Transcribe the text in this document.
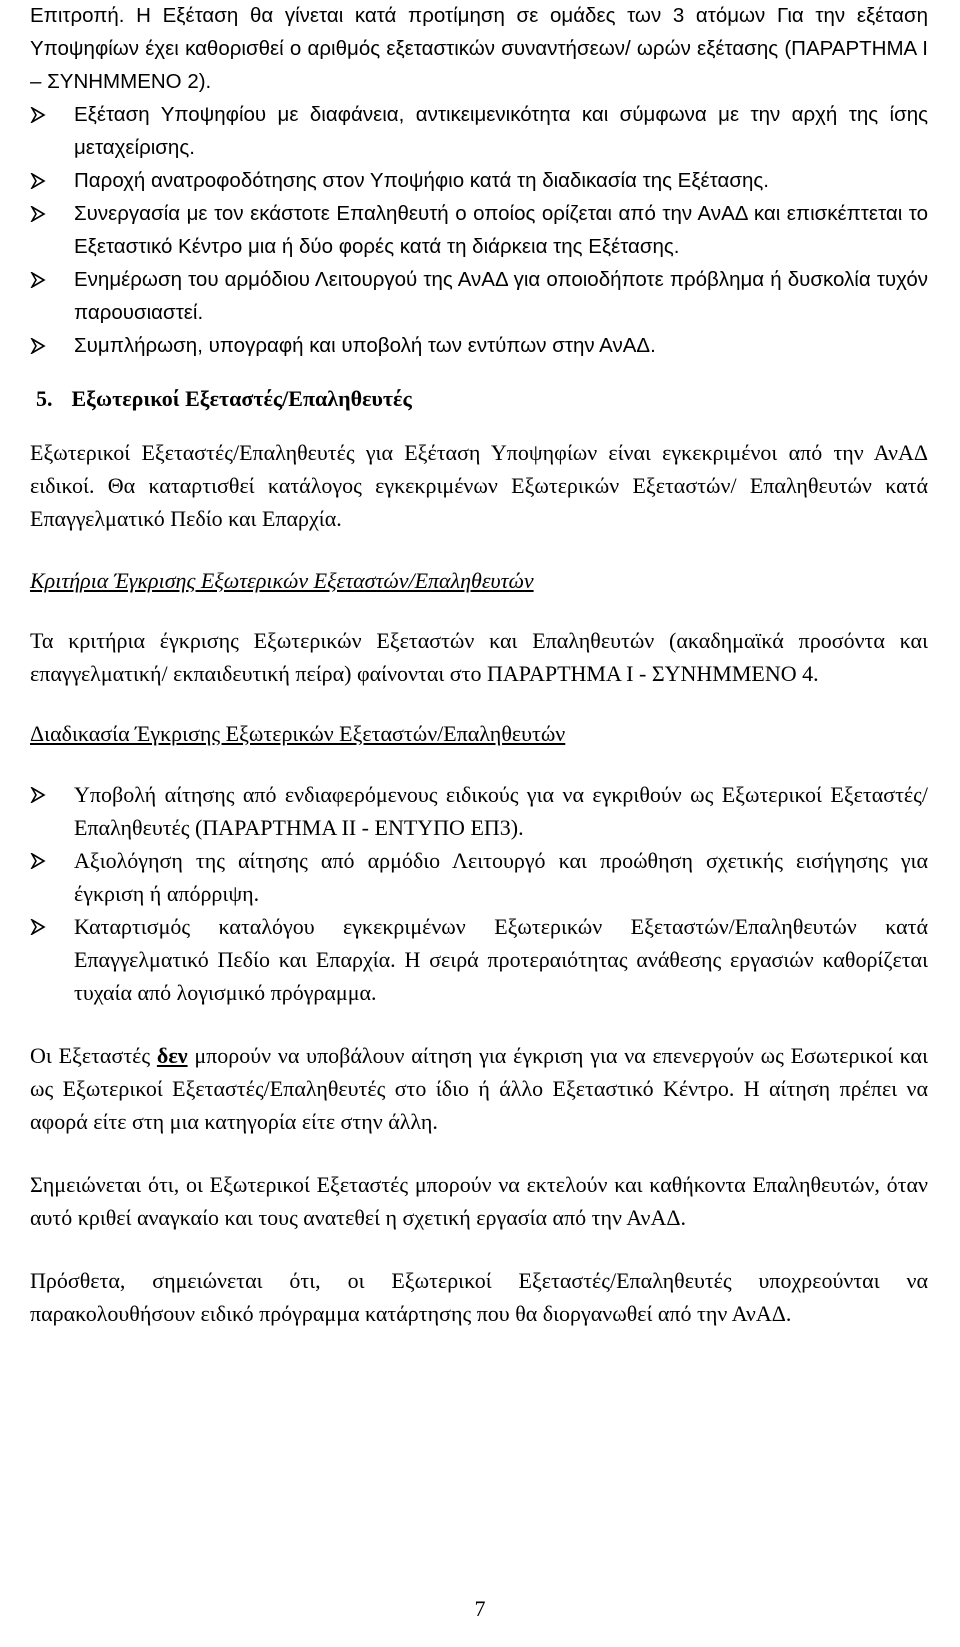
Επιτροπή. Η Εξέταση θα γίνεται κατά προτίμηση σε ομάδες των 3 ατόμων Για την εξέταση Υποψηφίων έχει καθορισθεί ο αριθμός εξεταστικών συναντήσεων/ ωρών εξέτασης (ΠΑΡΑΡΤΗΜΑ Ι – ΣΥΝΗΜΜΕΝΟ 2).

Εξέταση Υποψηφίου με διαφάνεια, αντικειμενικότητα και σύμφωνα με την αρχή της ίσης μεταχείρισης.
Παροχή ανατροφοδότησης στον Υποψήφιο κατά τη διαδικασία της Εξέτασης.
Συνεργασία με τον εκάστοτε Επαληθευτή ο οποίος ορίζεται από την ΑνΑΔ και επισκέπτεται το Εξεταστικό Κέντρο μια ή δύο φορές κατά τη διάρκεια της Εξέτασης.
Ενημέρωση του αρμόδιου Λειτουργού της ΑνΑΔ για οποιοδήποτε πρόβλημα ή δυσκολία τυχόν παρουσιαστεί.
Συμπλήρωση, υπογραφή και υποβολή των εντύπων στην ΑνΑΔ.
5. Εξωτερικοί Εξεταστές/Επαληθευτές

Εξωτερικοί Εξεταστές/Επαληθευτές για Εξέταση Υποψηφίων είναι εγκεκριμένοι από την ΑνΑΔ ειδικοί. Θα καταρτισθεί κατάλογος εγκεκριμένων Εξωτερικών Εξεταστών/ Επαληθευτών κατά Επαγγελματικό Πεδίο και Επαρχία.

Κριτήρια Έγκρισης Εξωτερικών Εξεταστών/Επαληθευτών

Τα κριτήρια έγκρισης Εξωτερικών Εξεταστών και Επαληθευτών (ακαδημαϊκά προσόντα και επαγγελματική/ εκπαιδευτική πείρα) φαίνονται στο ΠΑΡΑΡΤΗΜΑ Ι - ΣΥΝΗΜΜΕΝΟ 4.

Διαδικασία Έγκρισης Εξωτερικών Εξεταστών/Επαληθευτών

Υποβολή αίτησης από ενδιαφερόμενους ειδικούς για να εγκριθούν ως Εξωτερικοί Εξεταστές/Επαληθευτές (ΠΑΡΑΡΤΗΜΑ ΙΙ - ΕΝΤΥΠΟ ΕΠ3).
Αξιολόγηση της αίτησης από αρμόδιο Λειτουργό και προώθηση σχετικής εισήγησης για έγκριση ή απόρριψη.
Καταρτισμός καταλόγου εγκεκριμένων Εξωτερικών Εξεταστών/Επαληθευτών κατά Επαγγελματικό Πεδίο και Επαρχία. Η σειρά προτεραιότητας ανάθεσης εργασιών καθορίζεται τυχαία από λογισμικό πρόγραμμα.

Οι Εξεταστές δεν μπορούν να υποβάλουν αίτηση για έγκριση για να επενεργούν ως Εσωτερικοί και ως Εξωτερικοί Εξεταστές/Επαληθευτές στο ίδιο ή άλλο Εξεταστικό Κέντρο. Η αίτηση πρέπει να αφορά είτε στη μια κατηγορία είτε στην άλλη.

Σημειώνεται ότι, οι Εξωτερικοί Εξεταστές μπορούν να εκτελούν και καθήκοντα Επαληθευτών, όταν αυτό κριθεί αναγκαίο και τους ανατεθεί η σχετική εργασία από την ΑνΑΔ.

Πρόσθετα, σημειώνεται ότι, οι Εξωτερικοί Εξεταστές/Επαληθευτές υποχρεούνται να παρακολουθήσουν ειδικό πρόγραμμα κατάρτησης που θα διοργανωθεί από την ΑνΑΔ.

7
